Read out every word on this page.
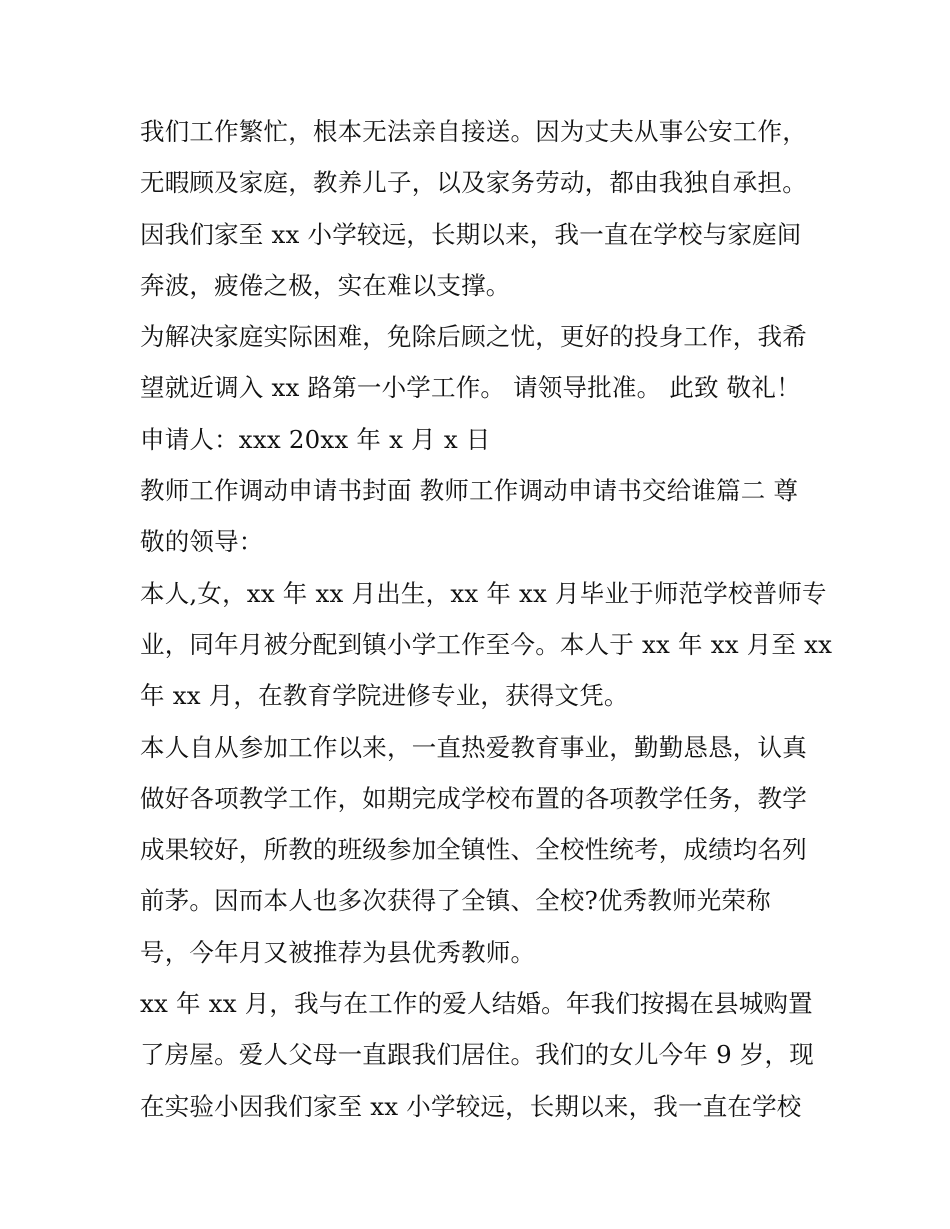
我们工作繁忙，根本无法亲自接送。因为丈夫从事公安工作，
无暇顾及家庭，教养儿子，以及家务劳动，都由我独自承担。
因我们家至 xx 小学较远，长期以来，我一直在学校与家庭间
奔波，疲倦之极，实在难以支撑。
为解决家庭实际困难，免除后顾之忧，更好的投身工作，我希
望就近调入 xx 路第一小学工作。 请领导批准。 此致 敬礼！
申请人：xxx 20xx 年 x 月 x 日
教师工作调动申请书封面 教师工作调动申请书交给谁篇二 尊
敬的领导：
本人,女，xx 年 xx 月出生，xx 年 xx 月毕业于师范学校普师专
业，同年月被分配到镇小学工作至今。本人于 xx 年 xx 月至 xx
年 xx 月，在教育学院进修专业，获得文凭。
本人自从参加工作以来，一直热爱教育事业，勤勤恳恳，认真
做好各项教学工作，如期完成学校布置的各项教学任务，教学
成果较好，所教的班级参加全镇性、全校性统考，成绩均名列
前茅。因而本人也多次获得了全镇、全校?优秀教师光荣称
号，今年月又被推荐为县优秀教师。
xx 年 xx 月，我与在工作的爱人结婚。年我们按揭在县城购置
了房屋。爱人父母一直跟我们居住。我们的女儿今年 9 岁，现
在实验小因我们家至 xx 小学较远，长期以来，我一直在学校
